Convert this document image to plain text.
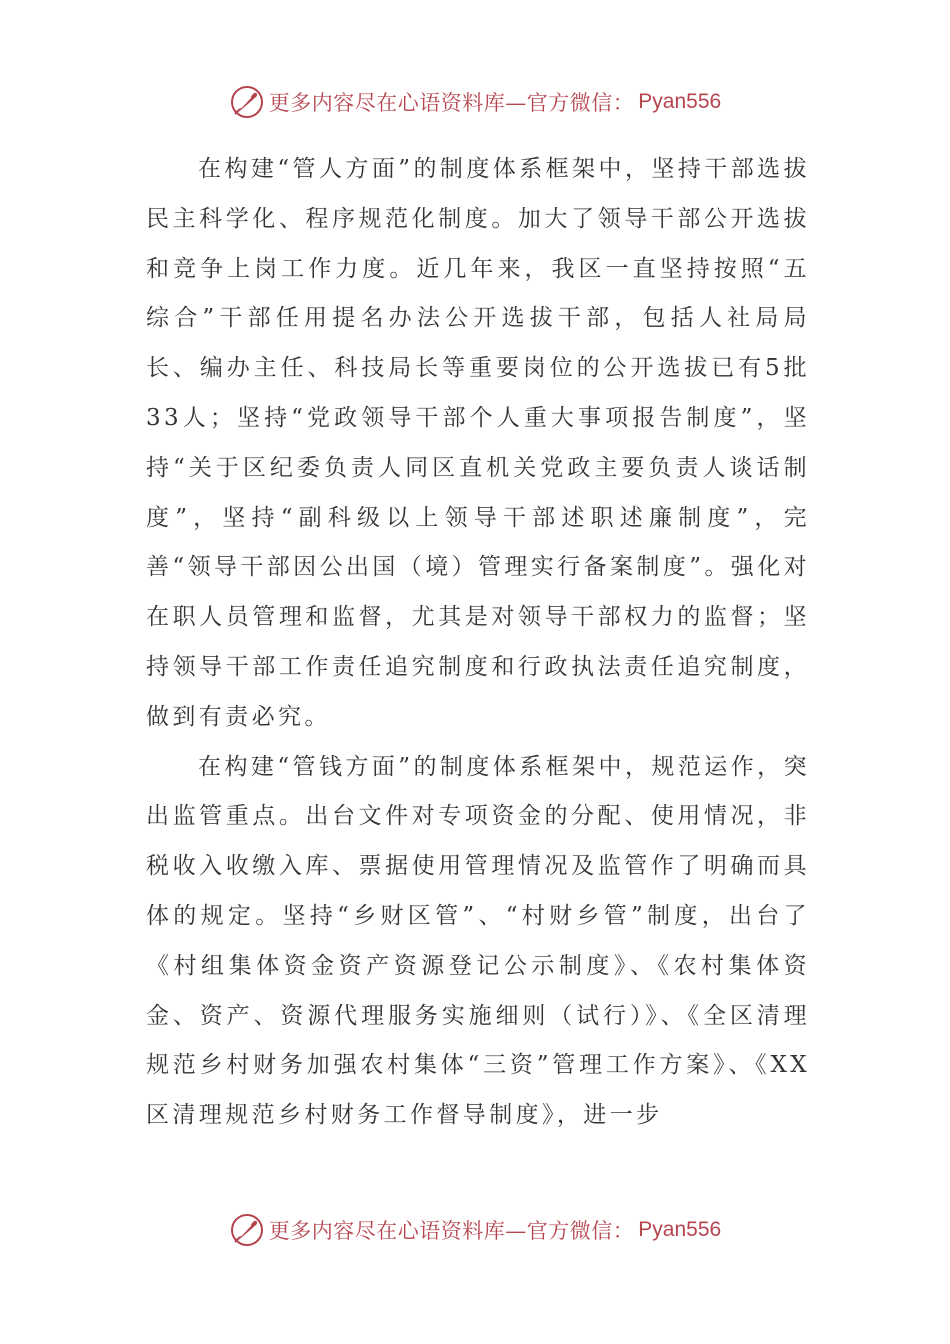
更多内容尽在心语资料库—官方微信： Pyan556

在构建“管人方面”的制度体系框架中，坚持干部选拔民主科学化、程序规范化制度。加大了领导干部公开选拔和竞争上岗工作力度。近几年来，我区一直坚持按照“五综合”干部任用提名办法公开选拔干部，包括人社局局长、编办主任、科技局长等重要岗位的公开选拔已有5批33人；坚持“党政领导干部个人重大事项报告制度”，坚持“关于区纪委负责人同区直机关党政主要负责人谈话制度”，坚持“副科级以上领导干部述职述廉制度”，完善“领导干部因公出国（境）管理实行备案制度”。强化对在职人员管理和监督，尤其是对领导干部权力的监督；坚持领导干部工作责任追究制度和行政执法责任追究制度，做到有责必究。

在构建“管钱方面”的制度体系框架中，规范运作，突出监管重点。出台文件对专项资金的分配、使用情况，非税收入收缴入库、票据使用管理情况及监管作了明确而具体的规定。坚持“乡财区管”、“村财乡管”制度，出台了《村组集体资金资产资源登记公示制度》、《农村集体资金、资产、资源代理服务实施细则（试行）》、《全区清理规范乡村财务加强农村集体“三资”管理工作方案》、《XX区清理规范乡村财务工作督导制度》，进一步

更多内容尽在心语资料库—官方微信： Pyan556
